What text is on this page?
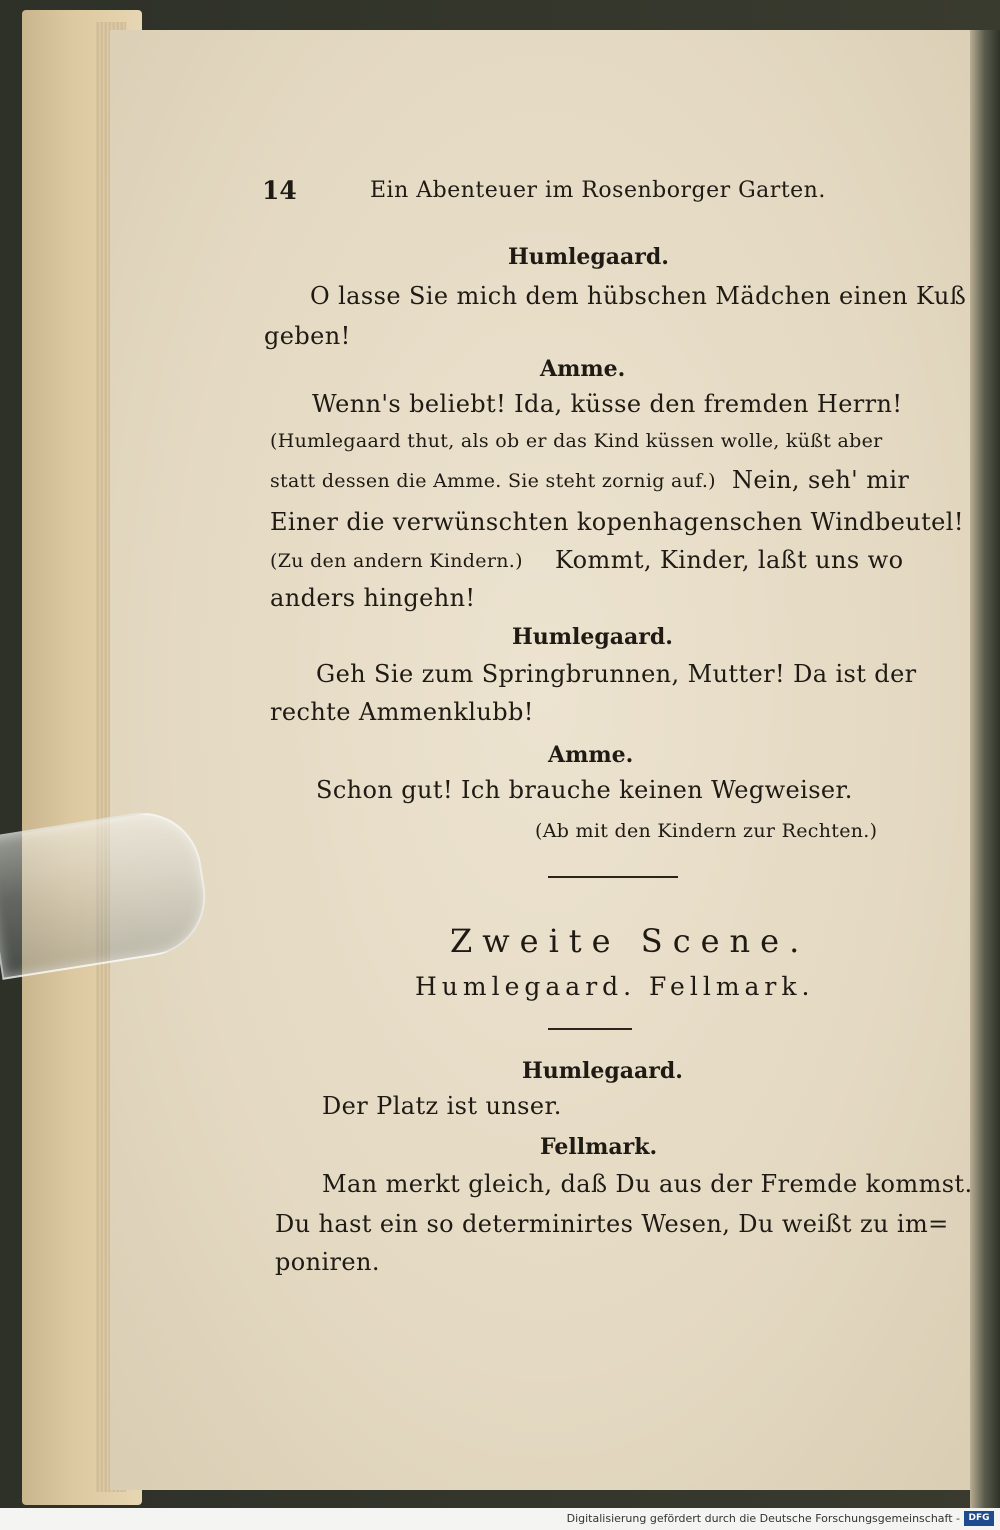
14	Ein Abenteuer im Rosenborger Garten.
Humlegaard.
O lasse Sie mich dem hübschen Mädchen einen Kuß
geben!
Amme.
Wenn's beliebt! Ida, küsse den fremden Herrn!
(Humlegaard thut, als ob er das Kind küssen wolle, küßt aber
statt dessen die Amme. Sie steht zornig auf.) Nein, seh' mir
Einer die verwünschten kopenhagenschen Windbeutel!
(Zu den andern Kindern.) Kommt, Kinder, laßt uns wo
anders hingehn!
Humlegaard.
Geh Sie zum Springbrunnen, Mutter! Da ist der
rechte Ammenklubb!
Amme.
Schon gut! Ich brauche keinen Wegweiser.
(Ab mit den Kindern zur Rechten.)
Zweite Scene.
Humlegaard. Fellmark.
Humlegaard.
Der Platz ist unser.
Fellmark.
Man merkt gleich, daß Du aus der Fremde kommst.
Du hast ein so determinirtes Wesen, Du weißt zu im=
poniren.
Digitalisierung gefördert durch die Deutsche Forschungsgemeinschaft - DFG
